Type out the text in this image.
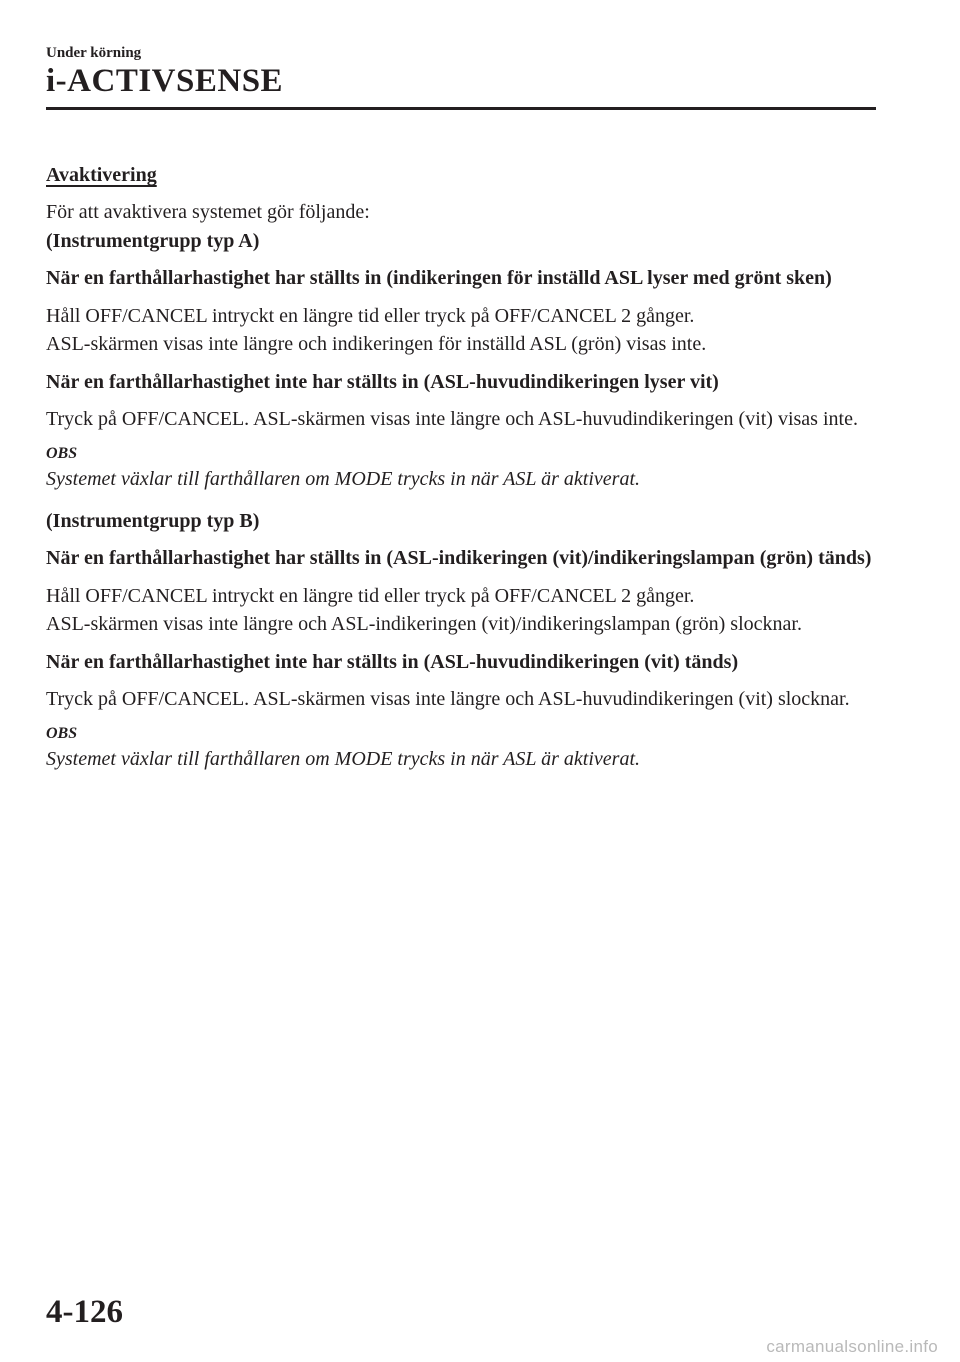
Under körning
i-ACTIVSENSE
Avaktivering

För att avaktivera systemet gör följande:

(Instrumentgrupp typ A)

När en farthållarhastighet har ställts in (indikeringen för inställd ASL lyser med grönt sken)

Håll OFF/CANCEL intryckt en längre tid eller tryck på OFF/CANCEL 2 gånger.

ASL-skärmen visas inte längre och indikeringen för inställd ASL (grön) visas inte.

När en farthållarhastighet inte har ställts in (ASL-huvudindikeringen lyser vit)

Tryck på OFF/CANCEL. ASL-skärmen visas inte längre och ASL-huvudindikeringen (vit) visas inte.

OBS
Systemet växlar till farthållaren om MODE trycks in när ASL är aktiverat.

(Instrumentgrupp typ B)

När en farthållarhastighet har ställts in (ASL-indikeringen (vit)/indikeringslampan (grön) tänds)

Håll OFF/CANCEL intryckt en längre tid eller tryck på OFF/CANCEL 2 gånger.

ASL-skärmen visas inte längre och ASL-indikeringen (vit)/indikeringslampan (grön) slocknar.

När en farthållarhastighet inte har ställts in (ASL-huvudindikeringen (vit) tänds)

Tryck på OFF/CANCEL. ASL-skärmen visas inte längre och ASL-huvudindikeringen (vit) slocknar.

OBS
Systemet växlar till farthållaren om MODE trycks in när ASL är aktiverat.
4-126
carmanualsonline.info
